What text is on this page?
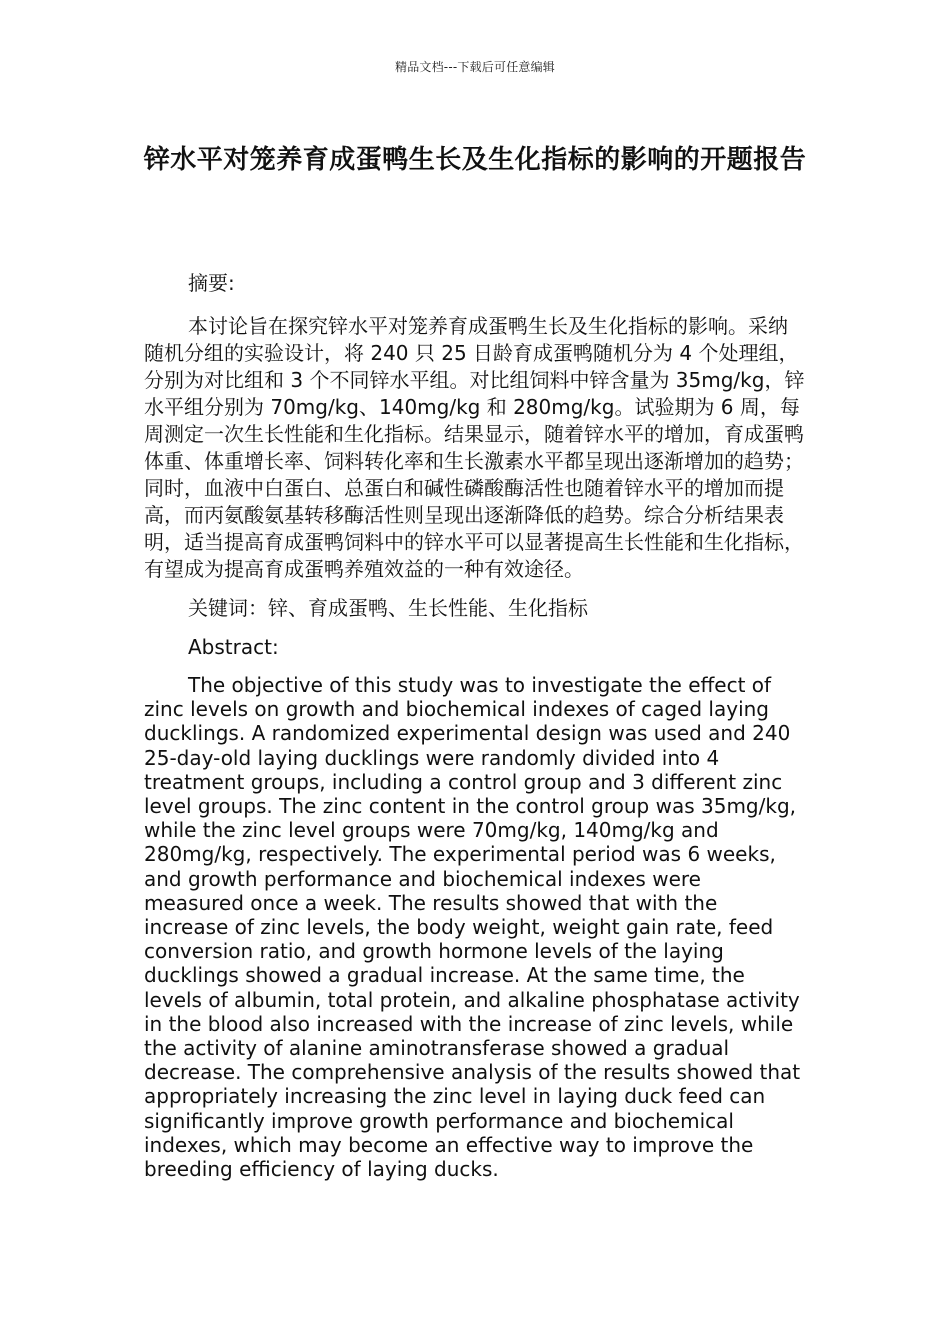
精品文档---下载后可任意编辑
锌水平对笼养育成蛋鸭生长及生化指标的影响的开题报告

摘要:

本讨论旨在探究锌水平对笼养育成蛋鸭生长及生化指标的影响。采纳随机分组的实验设计，将 240 只 25 日龄育成蛋鸭随机分为 4 个处理组，分别为对比组和 3 个不同锌水平组。对比组饲料中锌含量为 35mg/kg，锌水平组分别为 70mg/kg、140mg/kg 和 280mg/kg。试验期为 6 周，每周测定一次生长性能和生化指标。结果显示，随着锌水平的增加，育成蛋鸭体重、体重增长率、饲料转化率和生长激素水平都呈现出逐渐增加的趋势；同时，血液中白蛋白、总蛋白和碱性磷酸酶活性也随着锌水平的增加而提高，而丙氨酸氨基转移酶活性则呈现出逐渐降低的趋势。综合分析结果表明，适当提高育成蛋鸭饲料中的锌水平可以显著提高生长性能和生化指标，有望成为提高育成蛋鸭养殖效益的一种有效途径。

关键词：锌、育成蛋鸭、生长性能、生化指标

Abstract:

The objective of this study was to investigate the effect of zinc levels on growth and biochemical indexes of caged laying ducklings. A randomized experimental design was used and 240 25-day-old laying ducklings were randomly divided into 4 treatment groups, including a control group and 3 different zinc level groups. The zinc content in the control group was 35mg/kg, while the zinc level groups were 70mg/kg, 140mg/kg and 280mg/kg, respectively. The experimental period was 6 weeks, and growth performance and biochemical indexes were measured once a week. The results showed that with the increase of zinc levels, the body weight, weight gain rate, feed conversion ratio, and growth hormone levels of the laying ducklings showed a gradual increase. At the same time, the levels of albumin, total protein, and alkaline phosphatase activity in the blood also increased with the increase of zinc levels, while the activity of alanine aminotransferase showed a gradual decrease. The comprehensive analysis of the results showed that appropriately increasing the zinc level in laying duck feed can significantly improve growth performance and biochemical indexes, which may become an effective way to improve the breeding efficiency of laying ducks.
